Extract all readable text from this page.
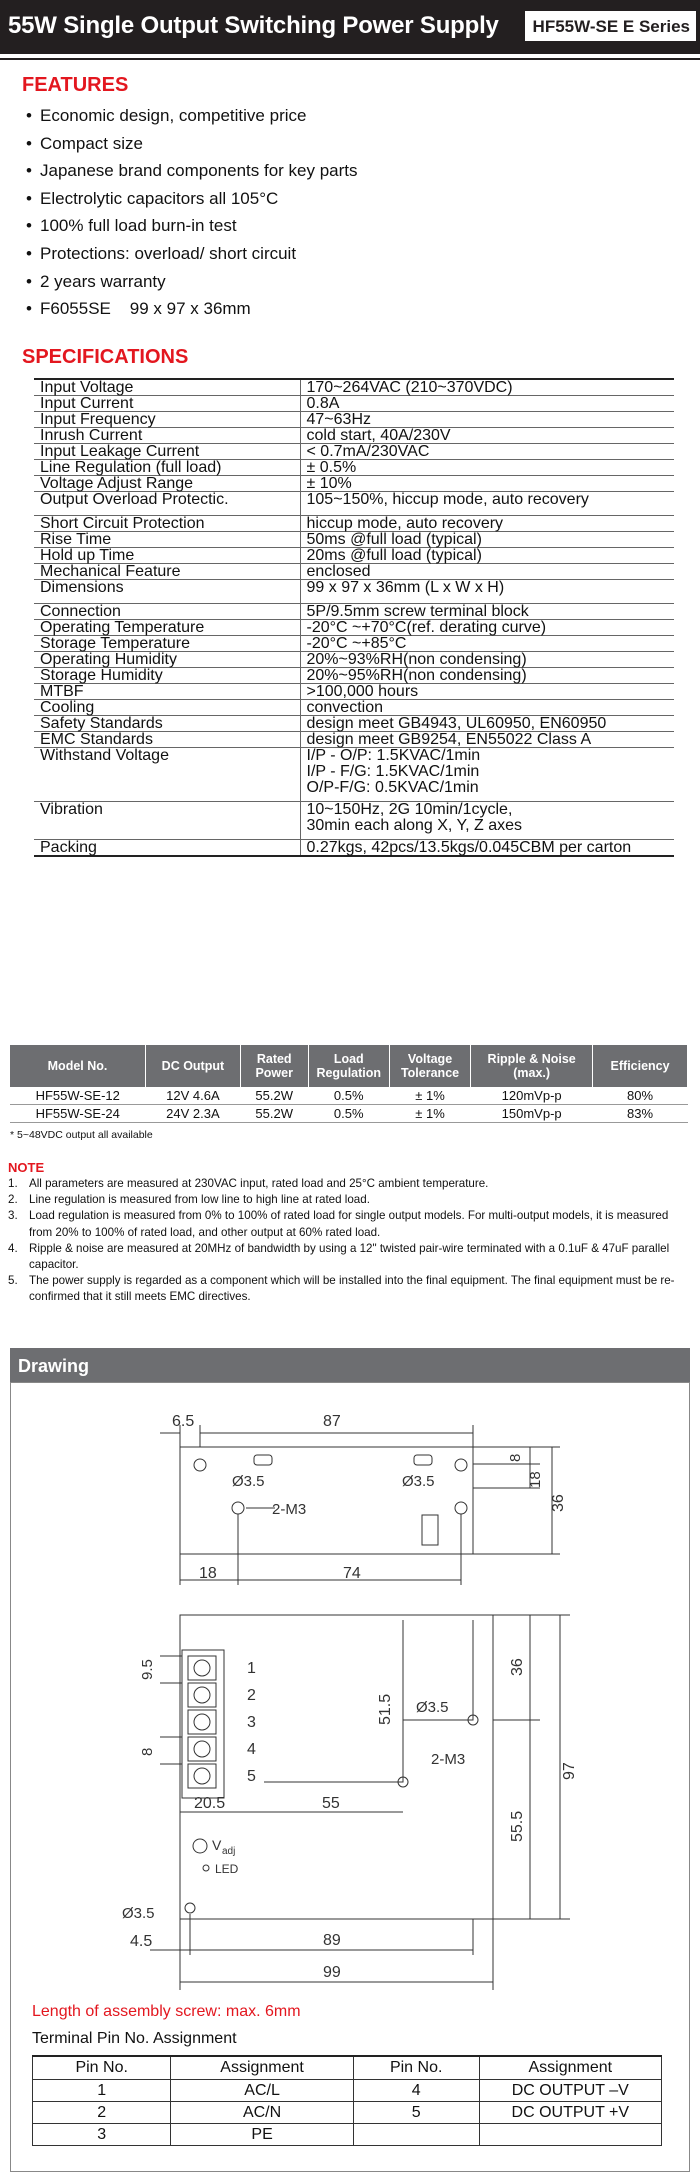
55W Single Output Switching Power Supply	HF55W-SE E Series
FEATURES
• Economic design, competitive price
• Compact size
• Japanese brand components for key parts
• Electrolytic capacitors all 105°C
• 100% full load burn-in test
• Protections: overload/ short circuit
• 2 years warranty
• F6055SE    99 x 97 x 36mm
SPECIFICATIONS
Input Voltage	170~264VAC (210~370VDC)
Input Current	0.8A
Input Frequency	47~63Hz
Inrush Current	cold start, 40A/230V
Input Leakage Current	< 0.7mA/230VAC
Line Regulation (full load)	± 0.5%
Voltage Adjust Range	± 10%
Output Overload Protectic.	105~150%, hiccup mode, auto recovery
Short Circuit Protection	hiccup mode, auto recovery
Rise Time	50ms @full load (typical)
Hold up Time	20ms @full load (typical)
Mechanical Feature	enclosed
Dimensions	99 x 97 x 36mm (L x W x H)
Connection	5P/9.5mm screw terminal block
Operating Temperature	-20°C ~+70°C(ref. derating curve)
Storage Temperature	-20°C ~+85°C
Operating Humidity	20%~93%RH(non condensing)
Storage Humidity	20%~95%RH(non condensing)
MTBF	>100,000 hours
Cooling	convection
Safety Standards	design meet GB4943, UL60950, EN60950
EMC Standards	design meet GB9254, EN55022 Class A
Withstand Voltage	I/P - O/P: 1.5KVAC/1min
I/P - F/G: 1.5KVAC/1min
O/P-F/G: 0.5KVAC/1min
Vibration	10~150Hz, 2G 10min/1cycle,
30min each along X, Y, Z axes
Packing	0.27kgs, 42pcs/13.5kgs/0.045CBM per carton
Model No.	DC Output	Rated Power	Load Regulation	Voltage Tolerance	Ripple & Noise (max.)	Efficiency
HF55W-SE-12	12V 4.6A	55.2W	0.5%	± 1%	120mVp-p	80%
HF55W-SE-24	24V 2.3A	55.2W	0.5%	± 1%	150mVp-p	83%
* 5~48VDC output all available
NOTE
1. All parameters are measured at 230VAC input, rated load and 25°C ambient temperature.
2. Line regulation is measured from low line to high line at rated load.
3. Load regulation is measured from 0% to 100% of rated load for single output models. For multi-output models, it is measured from 20% to 100% of rated load, and other output at 60% rated load.
4. Ripple & noise are measured at 20MHz of bandwidth by using a 12" twisted pair-wire terminated with a 0.1uF & 47uF parallel capacitor.
5. The power supply is regarded as a component which will be installed into the final equipment. The final equipment must be re-confirmed that it still meets EMC directives.
Drawing
6.5	87
8
18
36
Ø3.5	Ø3.5
2-M3
18	74
1
2
3
4
5
9.5
8
51.5 Ø3.5
2-M3
36
97
55.5
20.5	55
V adj
LED
Ø3.5
4.5	89
99
Length of assembly screw: max. 6mm
Terminal Pin No. Assignment
Pin No.	Assignment	Pin No.	Assignment
1	AC/L	4	DC OUTPUT –V
2	AC/N	5	DC OUTPUT +V
3	PE		
